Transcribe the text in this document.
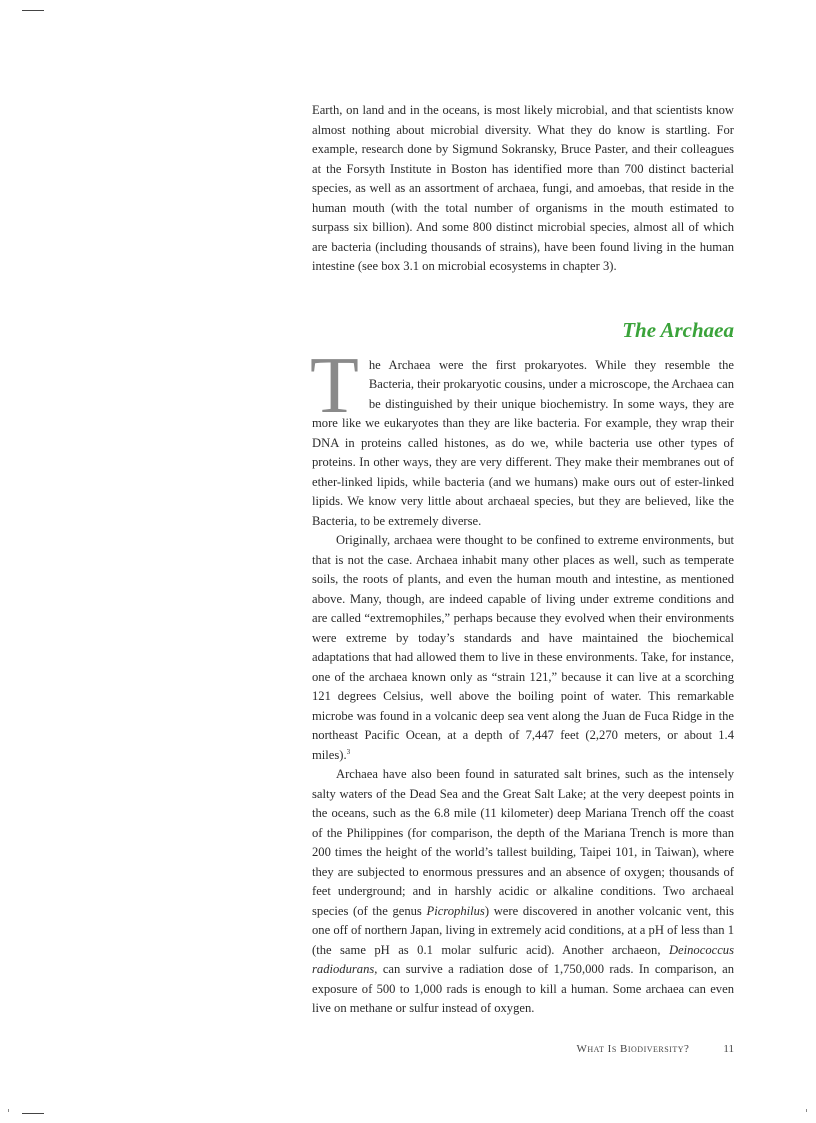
Earth, on land and in the oceans, is most likely microbial, and that scientists know almost nothing about microbial diversity. What they do know is startling. For example, research done by Sigmund Sokransky, Bruce Paster, and their colleagues at the Forsyth Institute in Boston has identified more than 700 distinct bacterial species, as well as an assortment of archaea, fungi, and amoebas, that reside in the human mouth (with the total number of organisms in the mouth estimated to surpass six billion). And some 800 distinct microbial species, almost all of which are bacteria (including thousands of strains), have been found living in the human intestine (see box 3.1 on microbial ecosystems in chapter 3).

The Archaea

The Archaea were the first prokaryotes. While they resemble the Bacteria, their prokaryotic cousins, under a microscope, the Archaea can be distinguished by their unique biochemistry. In some ways, they are more like we eukaryotes than they are like bacteria. For example, they wrap their DNA in proteins called histones, as do we, while bacteria use other types of proteins. In other ways, they are very different. They make their membranes out of ether-linked lipids, while bacteria (and we humans) make ours out of ester-linked lipids. We know very little about archaeal species, but they are believed, like the Bacteria, to be extremely diverse.

Originally, archaea were thought to be confined to extreme environments, but that is not the case. Archaea inhabit many other places as well, such as temperate soils, the roots of plants, and even the human mouth and intestine, as mentioned above. Many, though, are indeed capable of living under extreme conditions and are called “extremophiles,” perhaps because they evolved when their environments were extreme by today’s standards and have maintained the biochemical adaptations that had allowed them to live in these environments. Take, for instance, one of the archaea known only as “strain 121,” because it can live at a scorching 121 degrees Celsius, well above the boiling point of water. This remarkable microbe was found in a volcanic deep sea vent along the Juan de Fuca Ridge in the northeast Pacific Ocean, at a depth of 7,447 feet (2,270 meters, or about 1.4 miles).$^3$

Archaea have also been found in saturated salt brines, such as the intensely salty waters of the Dead Sea and the Great Salt Lake; at the very deepest points in the oceans, such as the 6.8 mile (11 kilometer) deep Mariana Trench off the coast of the Philippines (for comparison, the depth of the Mariana Trench is more than 200 times the height of the world’s tallest building, Taipei 101, in Taiwan), where they are subjected to enormous pressures and an absence of oxygen; thousands of feet underground; and in harshly acidic or alkaline conditions. Two archaeal species (of the genus Picrophilus) were discovered in another volcanic vent, this one off of northern Japan, living in extremely acid conditions, at a pH of less than 1 (the same pH as 0.1 molar sulfuric acid). Another archaeon, Deinococcus radiodurans, can survive a radiation dose of 1,750,000 rads. In comparison, an exposure of 500 to 1,000 rads is enough to kill a human. Some archaea can even live on methane or sulfur instead of oxygen.

What Is Biodiversity?	11
